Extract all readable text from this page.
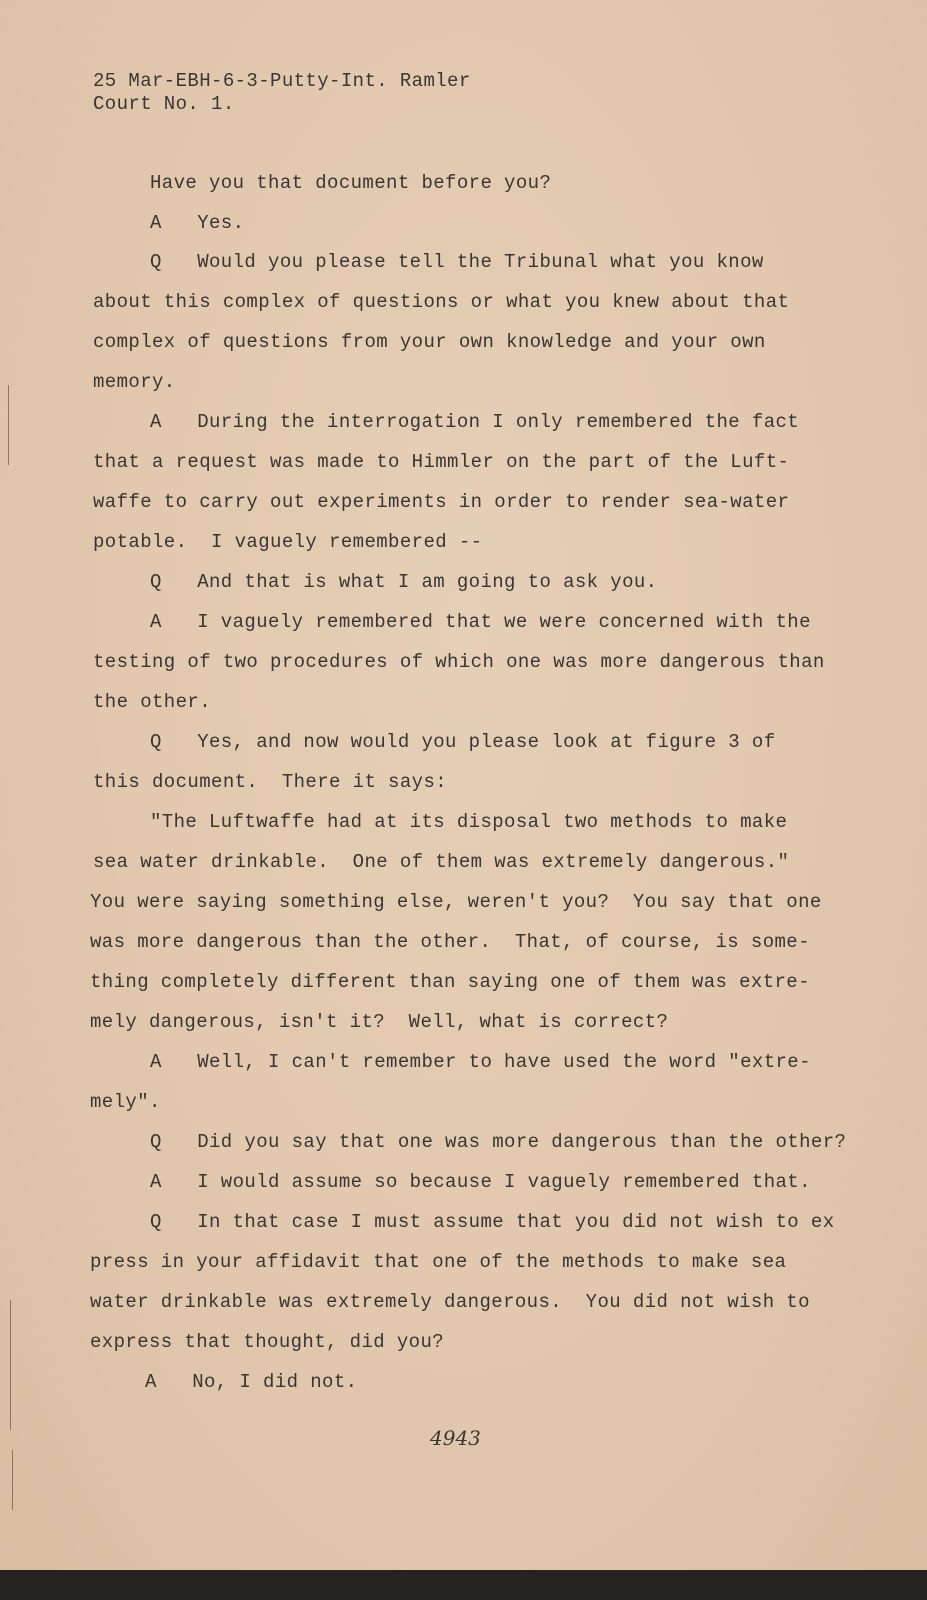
25 Mar-EBH-6-3-Putty-Int. Ramler
Court No. 1.
Have you that document before you?
A   Yes.
Q   Would you please tell the Tribunal what you know
about this complex of questions or what you knew about that
complex of questions from your own knowledge and your own
memory.
A   During the interrogation I only remembered the fact
that a request was made to Himmler on the part of the Luft-
waffe to carry out experiments in order to render sea-water
potable.  I vaguely remembered --
Q   And that is what I am going to ask you.
A   I vaguely remembered that we were concerned with the
testing of two procedures of which one was more dangerous than
the other.
Q   Yes, and now would you please look at figure 3 of
this document.  There it says:
"The Luftwaffe had at its disposal two methods to make
sea water drinkable.  One of them was extremely dangerous."
You were saying something else, weren't you?  You say that one
was more dangerous than the other.  That, of course, is some-
thing completely different than saying one of them was extre-
mely dangerous, isn't it?  Well, what is correct?
A   Well, I can't remember to have used the word "extre-
mely".
Q   Did you say that one was more dangerous than the other?
A   I would assume so because I vaguely remembered that.
Q   In that case I must assume that you did not wish to ex
press in your affidavit that one of the methods to make sea
water drinkable was extremely dangerous.  You did not wish to
express that thought, did you?
A   No, I did not.
4943
